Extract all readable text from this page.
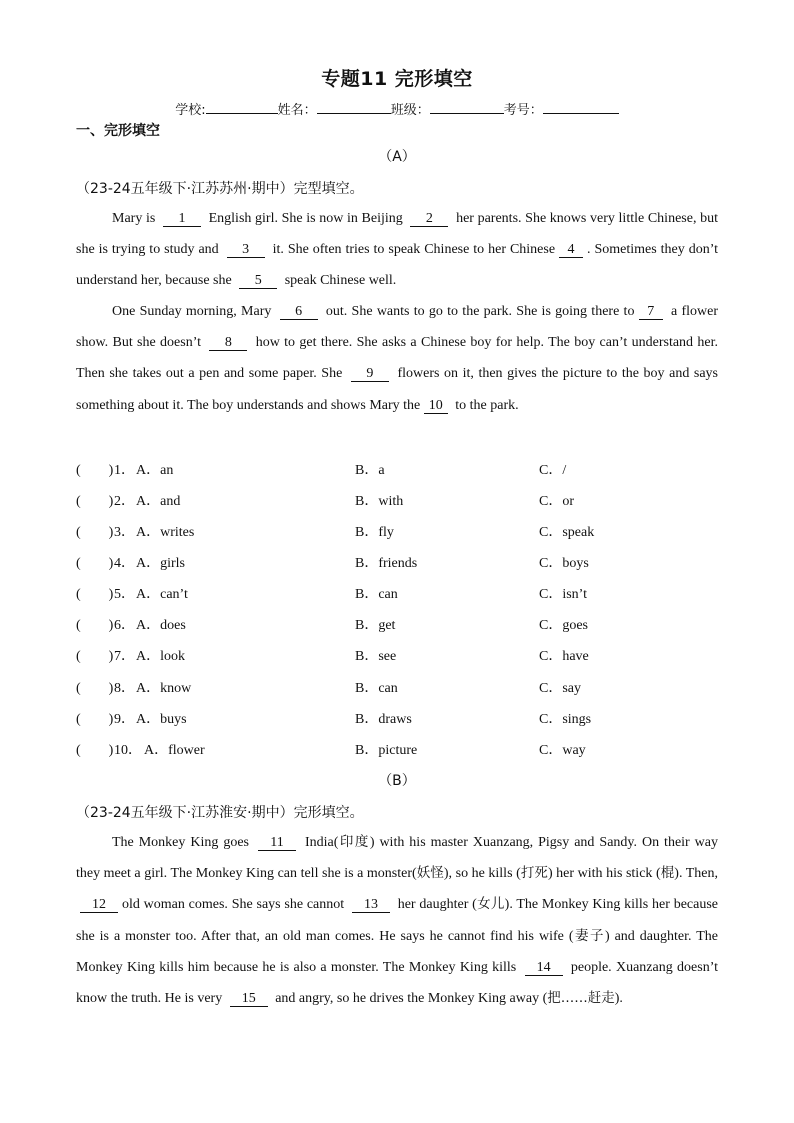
专题11 完形填空
学校:	姓名：	班级：	考号：
一、完形填空
（A）
（23-24五年级下·江苏苏州·期中）完型填空。
Mary is 1 English girl. She is now in Beijing 2 her parents. She knows very little Chinese, but she is trying to study and 3 it. She often tries to speak Chinese to her Chinese 4 . Sometimes they don’t understand her, because she 5 speak Chinese well.
One Sunday morning, Mary 6 out. She wants to go to the park. She is going there to 7 a flower show. But she doesn’t 8 how to get there. She asks a Chinese boy for help. The boy can’t understand her. Then she takes out a pen and some paper. She 9 flowers on it, then gives the picture to the boy and says something about it. The boy understands and shows Mary the 10 to the park.
(　　) 1． A．an	B．a	C．/
(　　) 2． A．and	B．with	C．or
(　　) 3． A．writes	B．fly	C．speak
(　　) 4． A．girls	B．friends	C．boys
(　　) 5． A．can’t	B．can	C．isn’t
(　　) 6． A．does	B．get	C．goes
(　　) 7． A．look	B．see	C．have
(　　) 8． A．know	B．can	C．say
(　　) 9． A．buys	B．draws	C．sings
(　　) 10． A．flower	B．picture	C．way
（B）
（23-24五年级下·江苏淮安·期中）完形填空。
The Monkey King goes 11 India(印度) with his master Xuanzang, Pigsy and Sandy. On their way they meet a girl. The Monkey King can tell she is a monster(妖怪), so he kills (打死) her with his stick (棍). Then, 12 old woman comes. She says she cannot 13 her daughter (女儿). The Monkey King kills her because she is a monster too. After that, an old man comes. He says he cannot find his wife (妻子) and daughter. The Monkey King kills him because he is also a monster. The Monkey King kills 14 people. Xuanzang doesn’t know the truth. He is very 15 and angry, so he drives the Monkey King away (把……赶走).
